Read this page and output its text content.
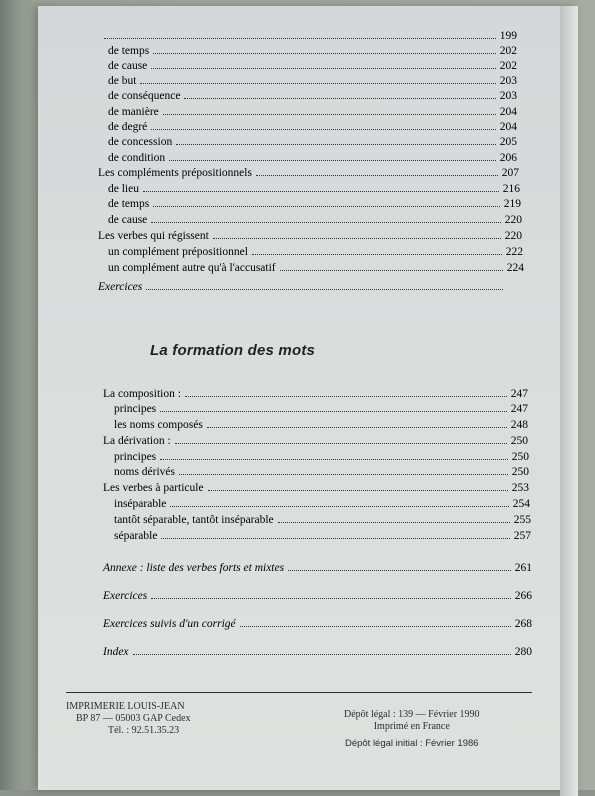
199
de temps	202
de cause	202
de but	203
de conséquence	203
de manière	204
de degré	204
de concession	205
de condition	206
Les compléments prépositionnels	207
de lieu	216
de temps	219
de cause	220
Les verbes qui régissent	220
un complément prépositionnel	222
un complément autre qu'à l'accusatif	224
Exercices
La formation des mots
La composition :	247
principes	247
les noms composés	248
La dérivation :	250
principes	250
noms dérivés	250
Les verbes à particule	253
inséparable	254
tantôt séparable, tantôt inséparable	255
séparable	257
Annexe : liste des verbes forts et mixtes	261
Exercices	266
Exercices suivis d'un corrigé	268
Index	280
IMPRIMERIE LOUIS-JEAN
BP 87 — 05003 GAP Cedex
Tél. : 92.51.35.23
Dépôt légal : 139 — Février 1990
Imprimé en France
Dépôt légal initial : Février 1986
